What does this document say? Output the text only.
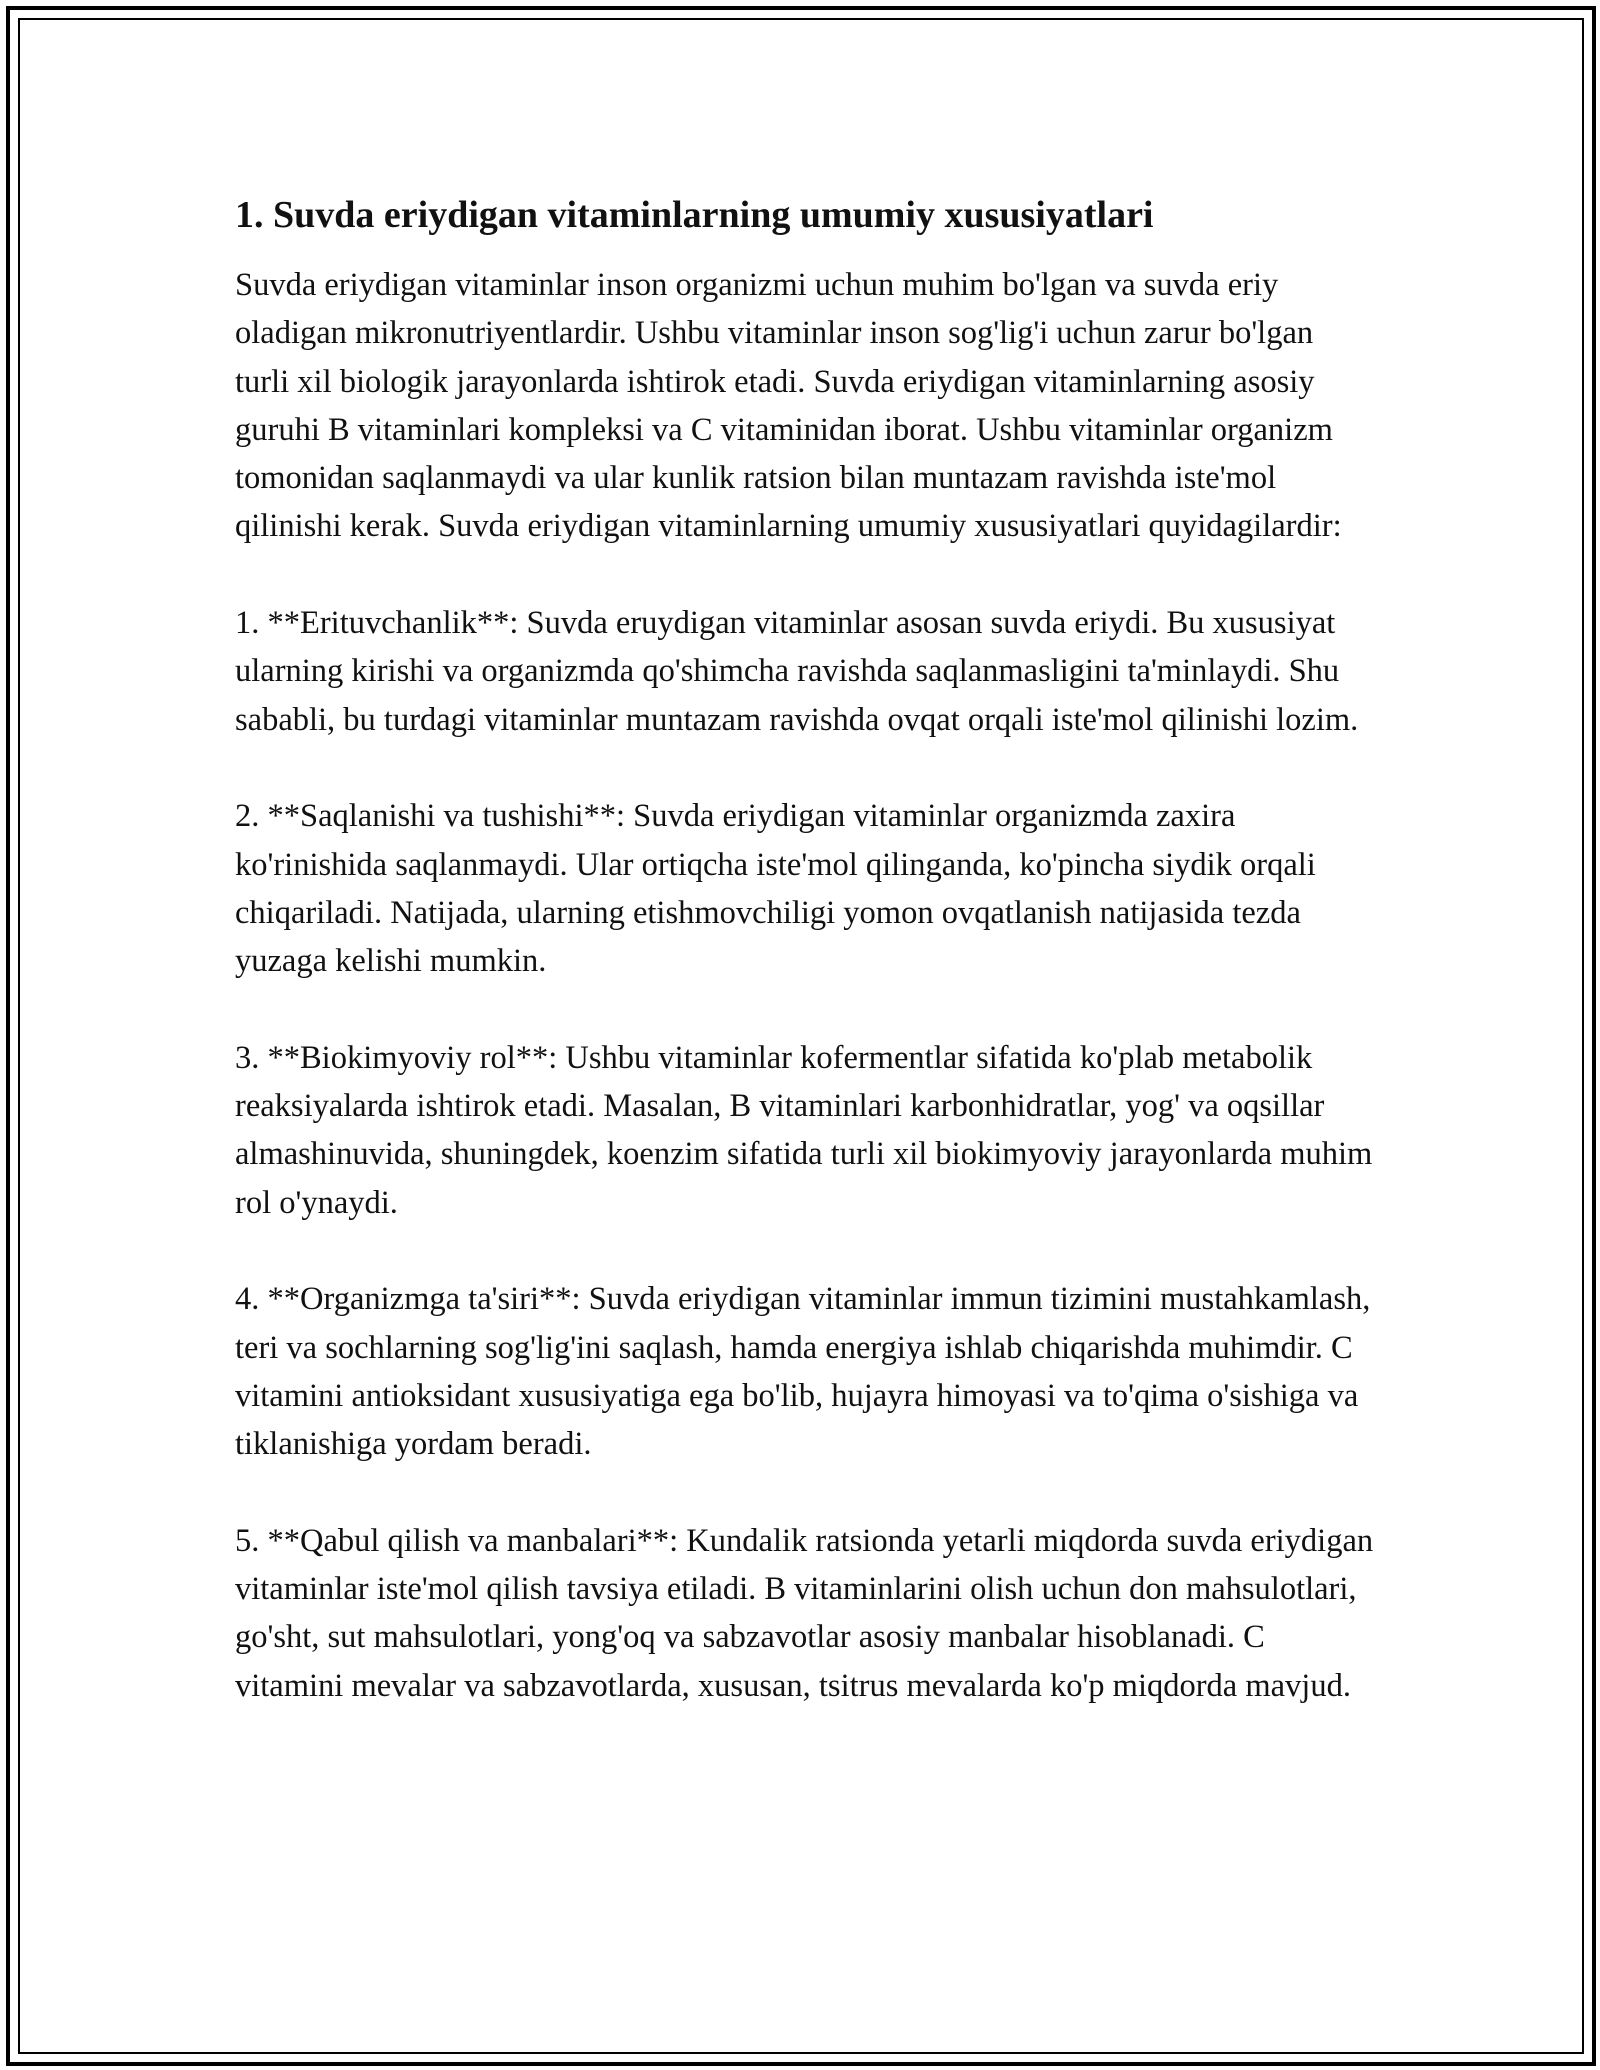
1. Suvda eriydigan vitaminlarning umumiy xususiyatlari

Suvda eriydigan vitaminlar inson organizmi uchun muhim bo'lgan va suvda eriy oladigan mikronutriyentlardir. Ushbu vitaminlar inson sog'lig'i uchun zarur bo'lgan turli xil biologik jarayonlarda ishtirok etadi. Suvda eriydigan vitaminlarning asosiy guruhi B vitaminlari kompleksi va C vitaminidan iborat. Ushbu vitaminlar organizm tomonidan saqlanmaydi va ular kunlik ratsion bilan muntazam ravishda iste'mol qilinishi kerak. Suvda eriydigan vitaminlarning umumiy xususiyatlari quyidagilardir:

1. **Erituvchanlik**: Suvda eruydigan vitaminlar asosan suvda eriydi. Bu xususiyat ularning kirishi va organizmda qo'shimcha ravishda saqlanmasligini ta'minlaydi. Shu sababli, bu turdagi vitaminlar muntazam ravishda ovqat orqali iste'mol qilinishi lozim.

2. **Saqlanishi va tushishi**: Suvda eriydigan vitaminlar organizmda zaxira ko'rinishida saqlanmaydi. Ular ortiqcha iste'mol qilinganda, ko'pincha siydik orqali chiqariladi. Natijada, ularning etishmovchiligi yomon ovqatlanish natijasida tezda yuzaga kelishi mumkin.

3. **Biokimyoviy rol**: Ushbu vitaminlar kofermentlar sifatida ko'plab metabolik reaksiyalarda ishtirok etadi. Masalan, B vitaminlari karbonhidratlar, yog' va oqsillar almashinuvida, shuningdek, koenzim sifatida turli xil biokimyoviy jarayonlarda muhim rol o'ynaydi.

4. **Organizmga ta'siri**: Suvda eriydigan vitaminlar immun tizimini mustahkamlash, teri va sochlarning sog'lig'ini saqlash, hamda energiya ishlab chiqarishda muhimdir. C vitamini antioksidant xususiyatiga ega bo'lib, hujayra himoyasi va to'qima o'sishiga va tiklanishiga yordam beradi.

5. **Qabul qilish va manbalari**: Kundalik ratsionda yetarli miqdorda suvda eriydigan vitaminlar iste'mol qilish tavsiya etiladi. B vitaminlarini olish uchun don mahsulotlari, go'sht, sut mahsulotlari, yong'oq va sabzavotlar asosiy manbalar hisoblanadi. C vitamini mevalar va sabzavotlarda, xususan, tsitrus mevalarda ko'p miqdorda mavjud.
